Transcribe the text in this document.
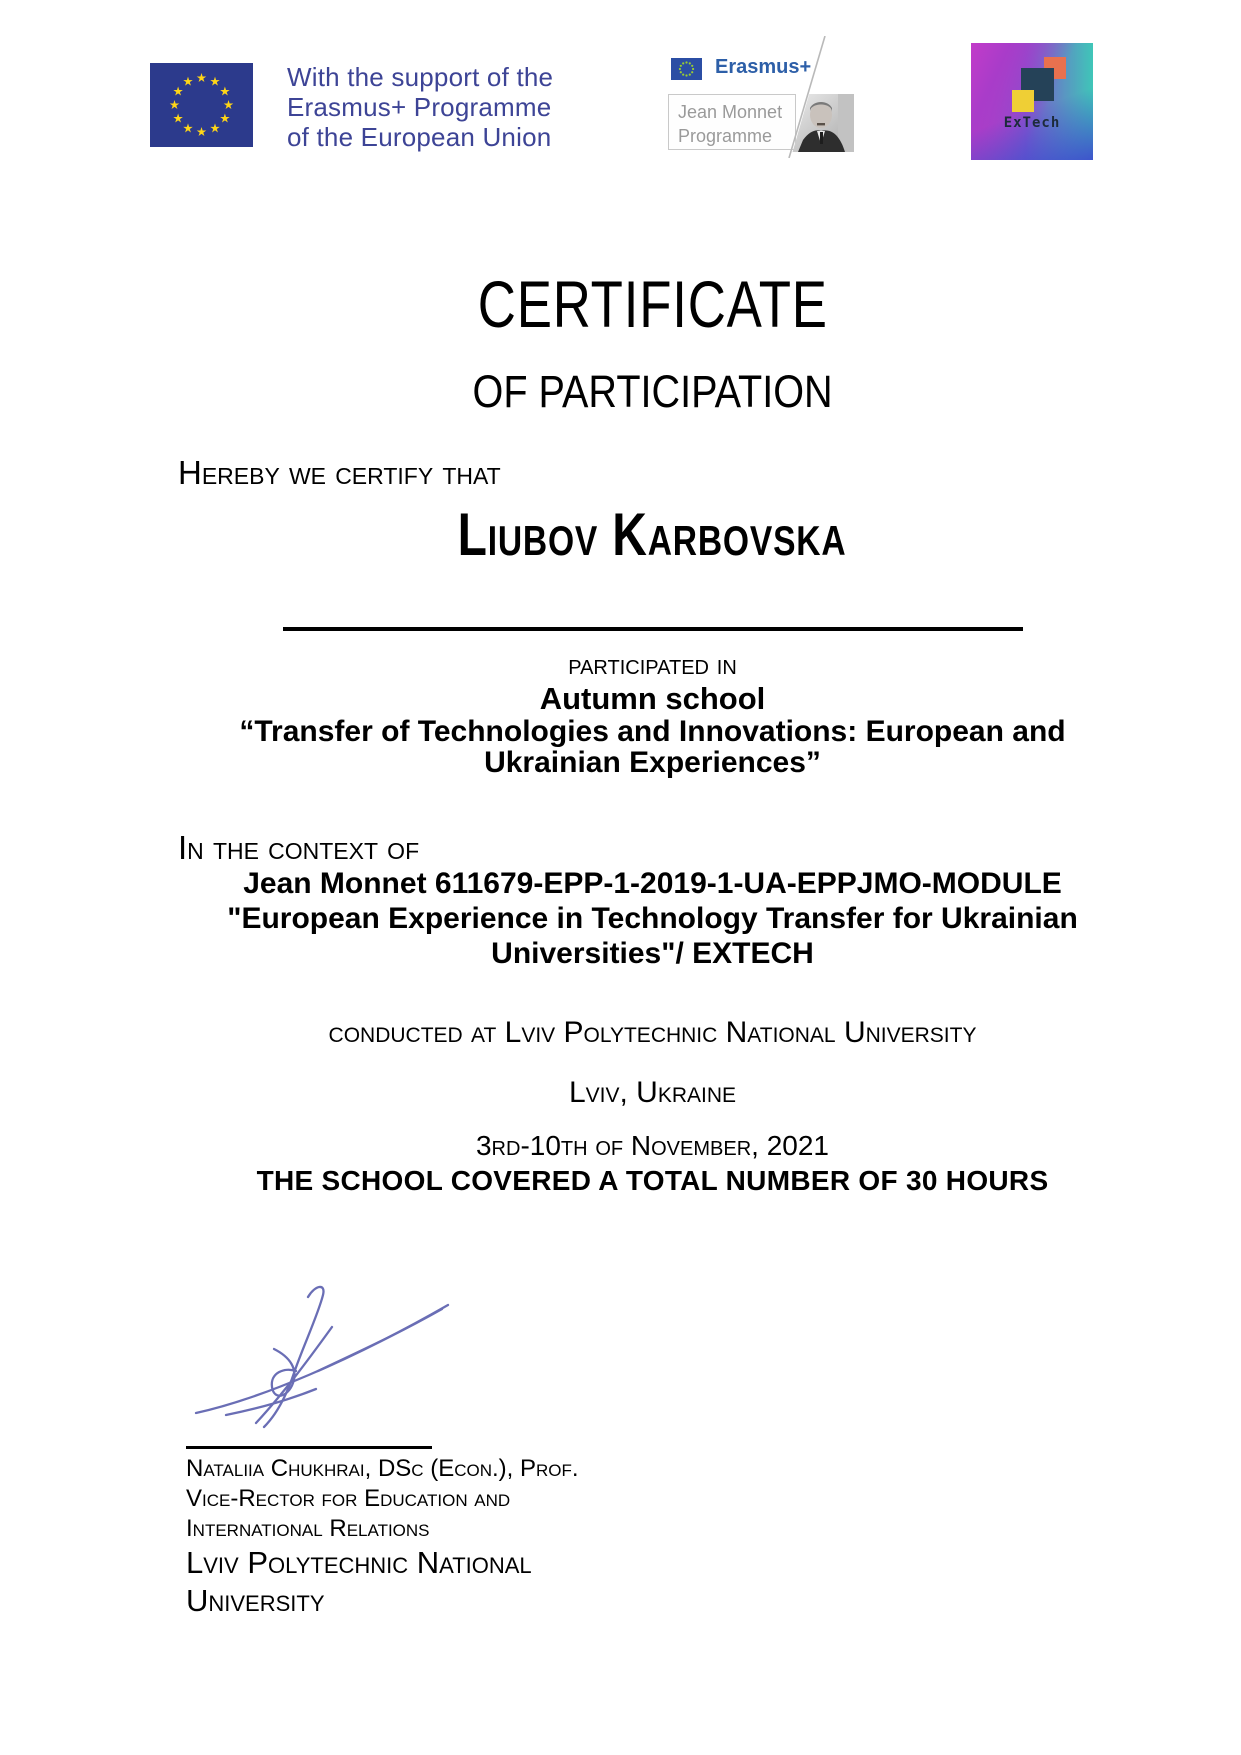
With the support of the
Erasmus+ Programme
of the European Union
Erasmus+
Jean Monnet
Programme
ExTech
CERTIFICATE
OF PARTICIPATION
Hereby we certify that
Liubov Karbovska
participated in
Autumn school
“Transfer of Technologies and Innovations: European and
Ukrainian Experiences”
In the context of
Jean Monnet 611679-EPP-1-2019-1-UA-EPPJMO-MODULE
"European Experience in Technology Transfer for Ukrainian
Universities"/ EXTECH
conducted at Lviv Polytechnic National University
Lviv, Ukraine
3rd-10th of November, 2021
THE SCHOOL COVERED A TOTAL NUMBER OF 30 HOURS
Nataliia Chukhrai, DSc (Econ.), Prof.
Vice-Rector for Education and
International Relations
Lviv Polytechnic National
University
